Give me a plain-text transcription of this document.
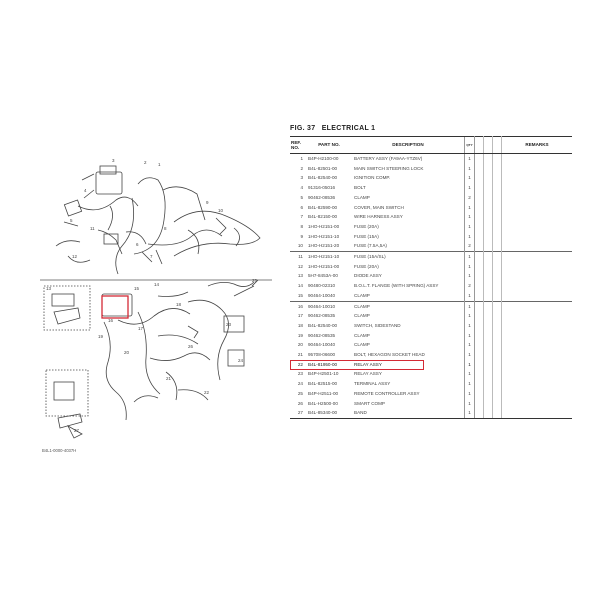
1
2
3
4
5
6
7
8
9
10
11
12
13
14
15
16
17
18
19
20
21
22
23
24
25
26
27
B4L1-0000-4037H
FIG. 37 ELECTRICAL 1
REF.
NO.	PART NO.	DESCRIPTION	QTY				REMARKS
1	B4P-H2100-00	BATTERY ASSY (FA9AA-YTZ6V)	1				
2	B4L-82501-00	MAIN SWITCH STEERING LOCK	1				
3	B4L-82540-00	IGNITION COMP.	1				
4	91316-05016	BOLT	1				
5	90462-08536	CLAMP	2				
6	B4L-82590-00	COVER, MAIN SWITCH	1				
7	B4L-82150-00	WIRE HARNESS ASSY	1				
8	1HO-H2151-00	FUSE (20A)	1				
9	1HO-H2151-10	FUSE (15A)	1				
10	1HO-H2151-20	FUSE (7.5A,5A)	2				
11	1HO-H2151-10	FUSE (15A/SL)	1				
12	1HO-H2151-00	FUSE (20A)	1				
13	5H7-8453A-00	DIODE ASSY	1				
14	90480-02310	B.O.L.T. FLANGE (WITH SPRING) ASSY	2				
15	90464-10040	CLAMP	1				
16	90464-10010	CLAMP	1				
17	90462-08535	CLAMP	1				
18	B4L-82540-00	SWITCH, SIDESTAND	1				
19	90462-08535	CLAMP	1				
20	90464-10040	CLAMP	1				
21	95708-06600	BOLT, HEXAGON SOCKET HEAD	1				
22	B4L-81950-00	RELAY ASSY	1				
23	B4P-H2501-10	RELAY ASSY	1				
24	B4L-82515-00	TERMINAL ASSY	1				
25	B4P-H2511-00	REMOTE CONTROLLER ASSY	1				
26	B4L-H2500-00	SMART COMP	1				
27	B4L-85340-00	BAND	1				
